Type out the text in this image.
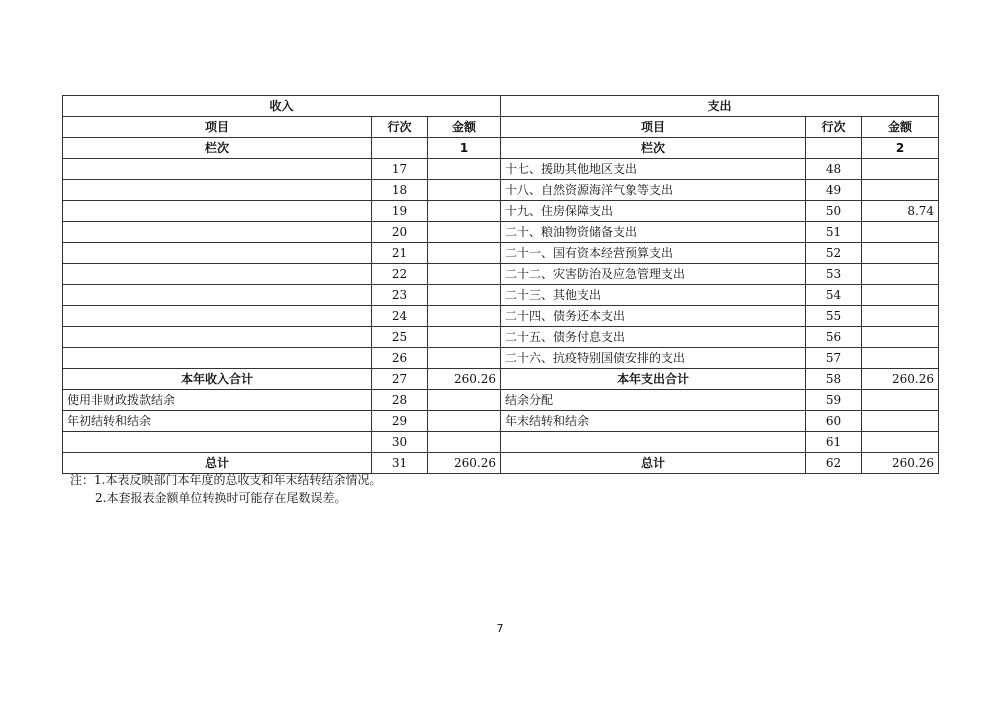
收入			支出		
项目	行次	金额	项目	行次	金额
栏次		1	栏次		2
	17		十七、援助其他地区支出	48	
	18		十八、自然资源海洋气象等支出	49	
	19		十九、住房保障支出	50	8.74
	20		二十、粮油物资储备支出	51	
	21		二十一、国有资本经营预算支出	52	
	22		二十二、灾害防治及应急管理支出	53	
	23		二十三、其他支出	54	
	24		二十四、债务还本支出	55	
	25		二十五、债务付息支出	56	
	26		二十六、抗疫特别国债安排的支出	57	
本年收入合计	27	260.26	本年支出合计	58	260.26
使用非财政拨款结余	28		结余分配	59	
年初结转和结余	29		年末结转和结余	60	
	30			61	
总计	31	260.26	总计	62	260.26
注：1.本表反映部门本年度的总收支和年末结转结余情况。
2.本套报表金额单位转换时可能存在尾数误差。
7
